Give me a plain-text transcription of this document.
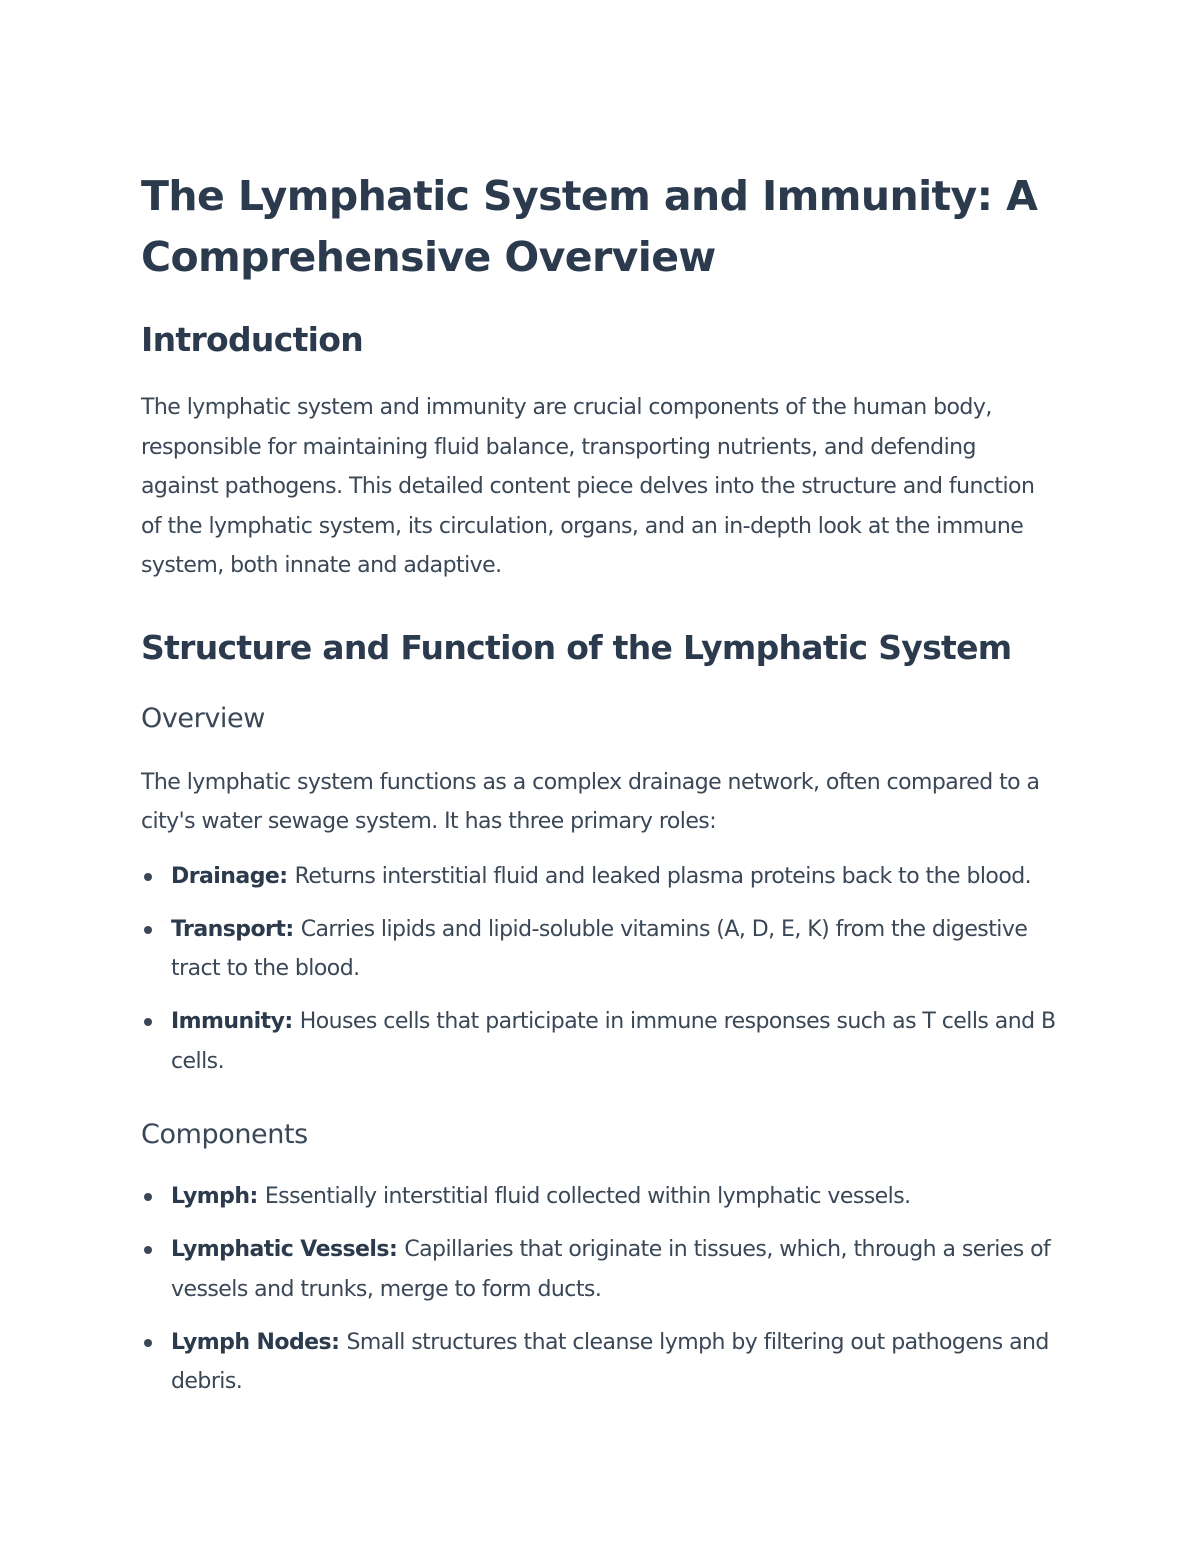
The Lymphatic System and Immunity: A Comprehensive Overview
Introduction

The lymphatic system and immunity are crucial components of the human body, responsible for maintaining fluid balance, transporting nutrients, and defending against pathogens. This detailed content piece delves into the structure and function of the lymphatic system, its circulation, organs, and an in-depth look at the immune system, both innate and adaptive.

Structure and Function of the Lymphatic System
Overview

The lymphatic system functions as a complex drainage network, often compared to a city's water sewage system. It has three primary roles:

Drainage: Returns interstitial fluid and leaked plasma proteins back to the blood.
Transport: Carries lipids and lipid-soluble vitamins (A, D, E, K) from the digestive tract to the blood.
Immunity: Houses cells that participate in immune responses such as T cells and B cells.
Components
Lymph: Essentially interstitial fluid collected within lymphatic vessels.
Lymphatic Vessels: Capillaries that originate in tissues, which, through a series of vessels and trunks, merge to form ducts.
Lymph Nodes: Small structures that cleanse lymph by filtering out pathogens and debris.
